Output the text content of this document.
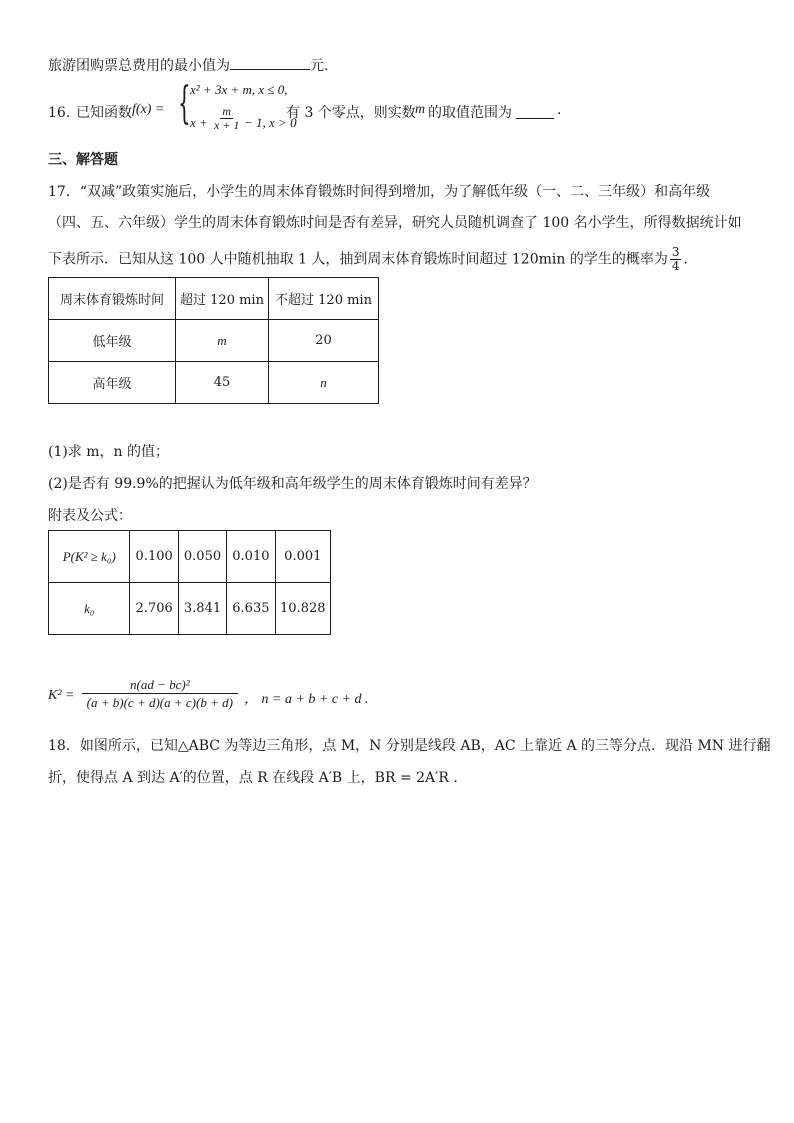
旅游团购票总费用的最小值为	元.
16．
已知函数 f(x) = { x² + 3x + m, x ≤ 0,
$x + \frac{m}{x + 1} - 1$, x > 0
有 3 个零点，则实数 m 的取值范围为	.
三、解答题
17．“双减”政策实施后，小学生的周末体育锻炼时间得到增加，为了解低年级（一、二、三年级）和高年级
（四、五、六年级）学生的周末体育锻炼时间是否有差异，研究人员随机调查了 100 名小学生，所得数据统计如
下表所示．已知从这 100 人中随机抽取 1 人，抽到周末体育锻炼时间超过 120min 的学生的概率为 $\frac{3}{4}$ .
周末体育锻炼时间	超过 120 min	不超过 120 min
低年级	m	20
高年级	45	n
(1)求 m，n 的值；
(2)是否有 99.9%的把握认为低年级和高年级学生的周末体育锻炼时间有差异？
附表及公式：
P(K² ≥ k₀)	0.100	0.050	0.010	0.001
k₀	2.706	3.841	6.635	10.828
$K^2 = \frac{\text{n(ad − bc)²}}{(a + b)(c + d)(a + c)(b + d)}$ ， n = a + b + c + d .
18．如图所示，已知△ABC 为等边三角形，点 M，N 分别是线段 AB，AC 上靠近 A 的三等分点．现沿 MN 进行翻
折，使得点 A 到达 A′的位置，点 R 在线段 A′B 上，BR = 2A′R .
